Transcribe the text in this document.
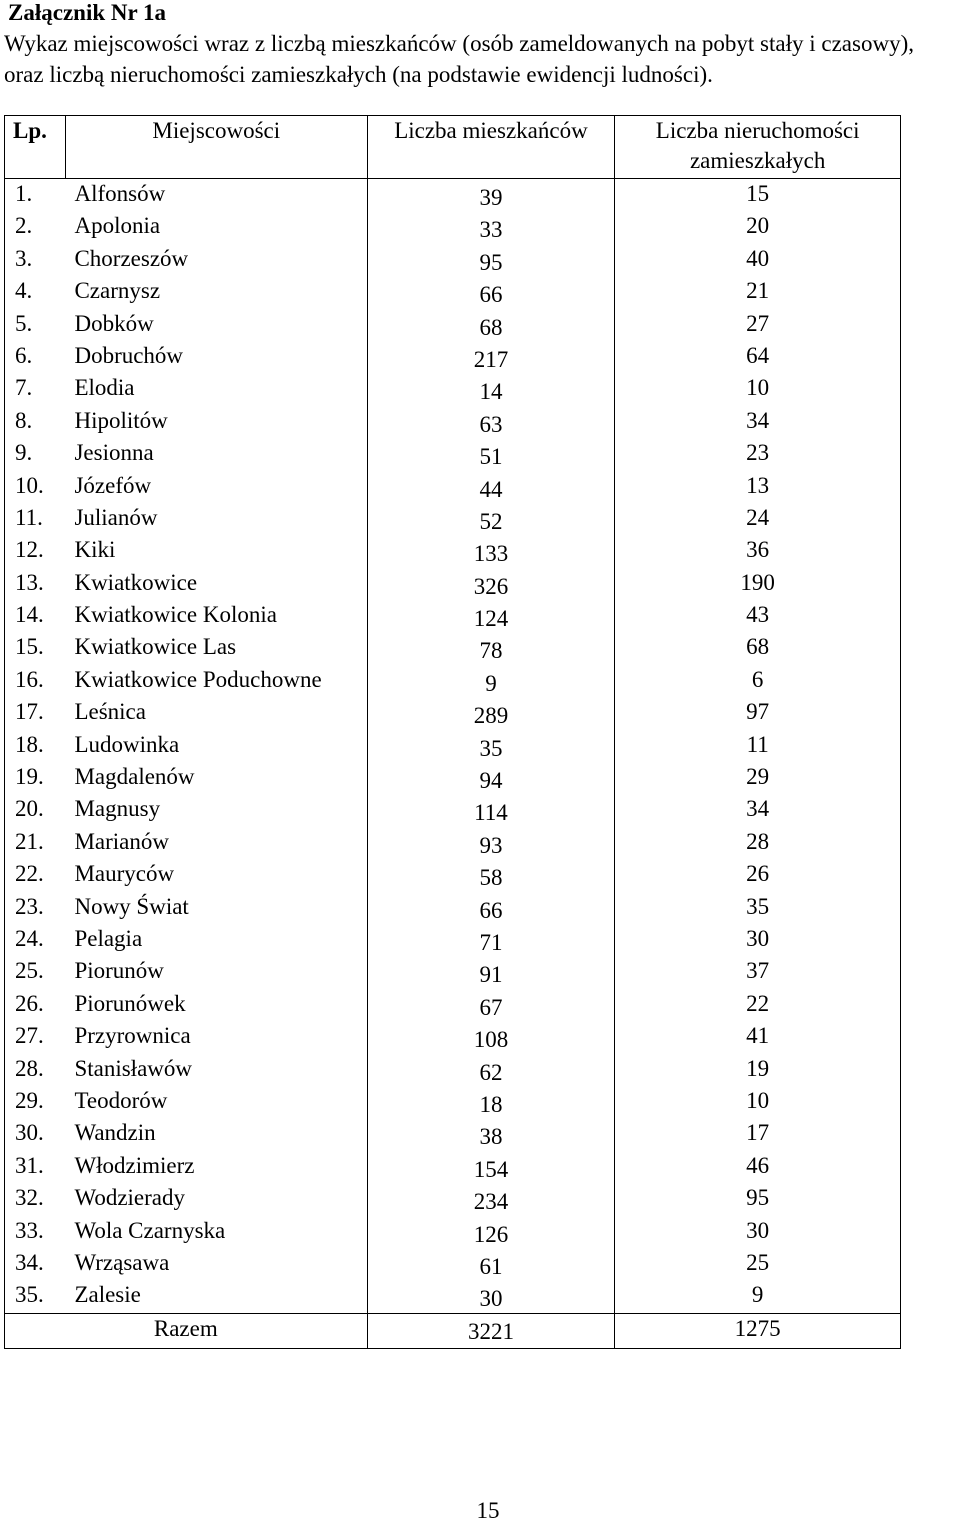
Załącznik Nr 1a
Wykaz miejscowości wraz z liczbą mieszkańców (osób zameldowanych na pobyt stały i czasowy), oraz liczbą nieruchomości zamieszkałych (na podstawie ewidencji ludności).
Lp.	Miejscowości	Liczba mieszkańców	Liczba nieruchomości zamieszkałych
1.	Alfonsów	39	15
2.	Apolonia	33	20
3.	Chorzeszów	95	40
4.	Czarnysz	66	21
5.	Dobków	68	27
6.	Dobruchów	217	64
7.	Elodia	14	10
8.	Hipolitów	63	34
9.	Jesionna	51	23
10.	Józefów	44	13
11.	Julianów	52	24
12.	Kiki	133	36
13.	Kwiatkowice	326	190
14.	Kwiatkowice Kolonia	124	43
15.	Kwiatkowice Las	78	68
16.	Kwiatkowice Poduchowne	9	6
17.	Leśnica	289	97
18.	Ludowinka	35	11
19.	Magdalenów	94	29
20.	Magnusy	114	34
21.	Marianów	93	28
22.	Mauryców	58	26
23.	Nowy Świat	66	35
24.	Pelagia	71	30
25.	Piorunów	91	37
26.	Piorunówek	67	22
27.	Przyrownica	108	41
28.	Stanisławów	62	19
29.	Teodorów	18	10
30.	Wandzin	38	17
31.	Włodzimierz	154	46
32.	Wodzierady	234	95
33.	Wola Czarnyska	126	30
34.	Wrząsawa	61	25
35.	Zalesie	30	9
Razem		3221	1275
15
